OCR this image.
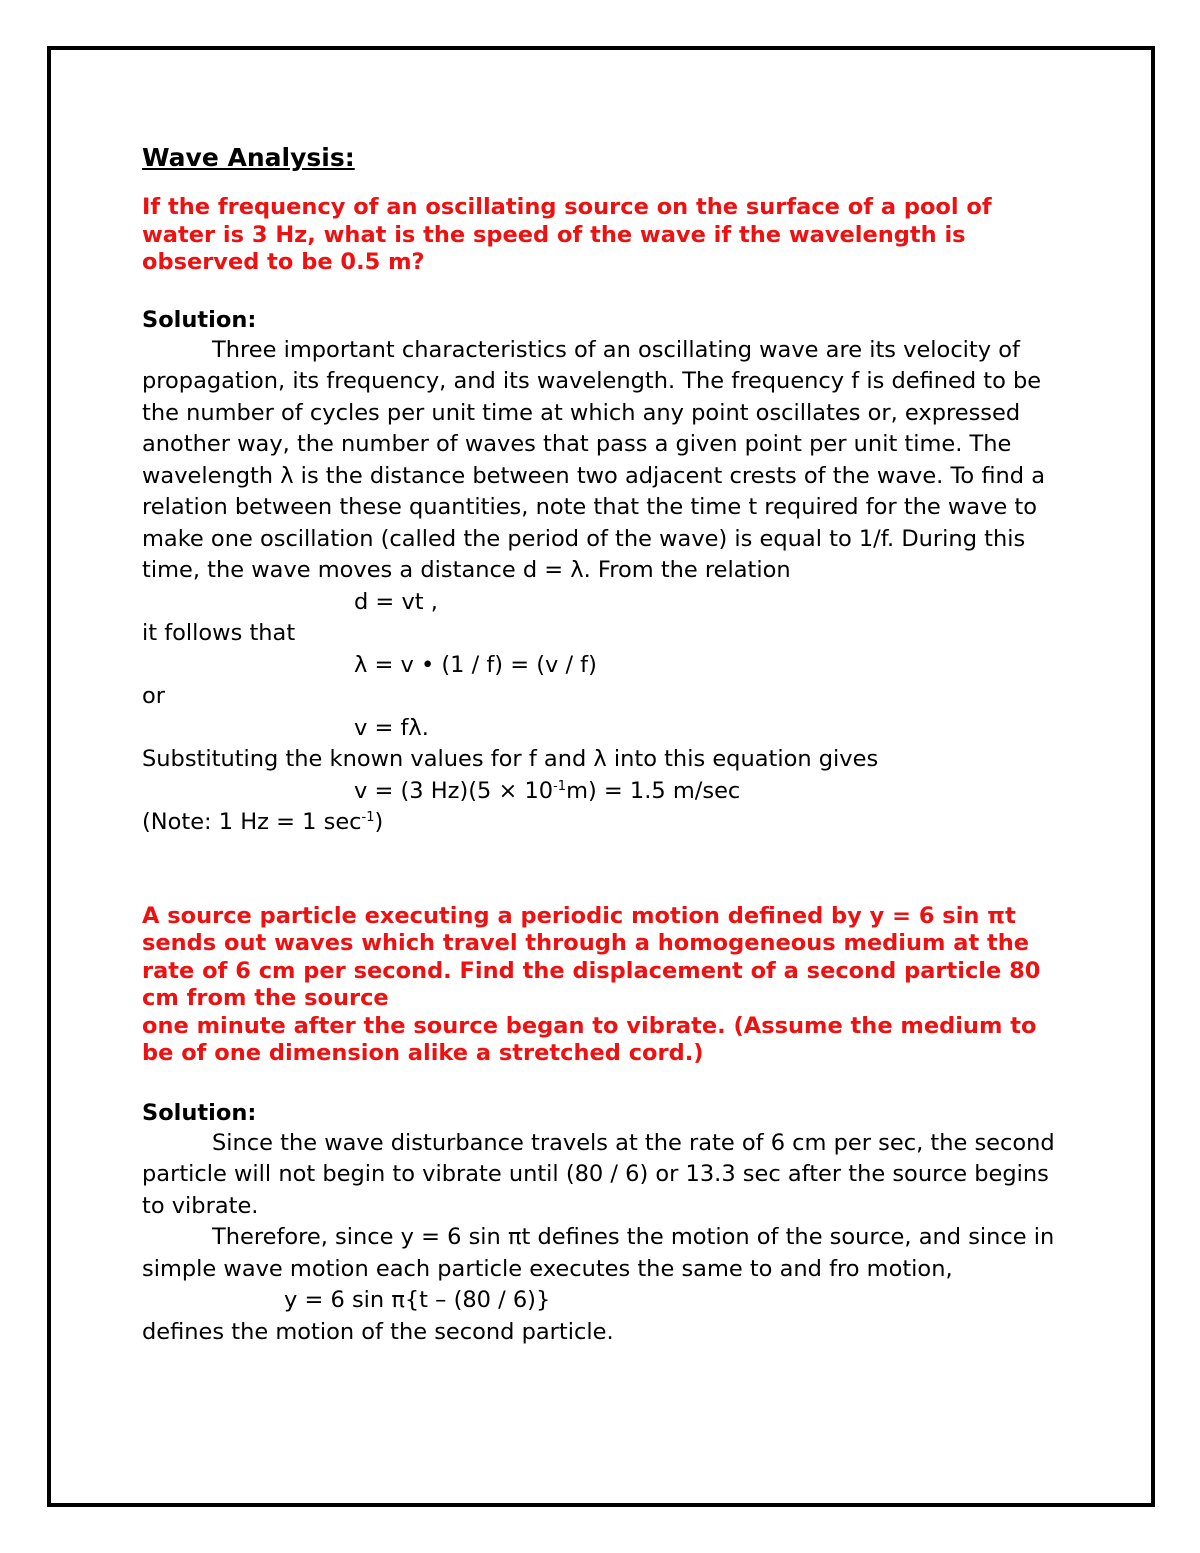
Wave Analysis:

If the frequency of an oscillating source on the surface of a pool of water is 3 Hz, what is the speed of the wave if the wavelength is observed to be 0.5 m?

Solution:

Three important characteristics of an oscillating wave are its velocity of propagation, its frequency, and its wavelength. The frequency f is defined to be the number of cycles per unit time at which any point oscillates or, expressed another way, the number of waves that pass a given point per unit time. The wavelength λ is the distance between two adjacent crests of the wave. To find a relation between these quantities, note that the time t required for the wave to make one oscillation (called the period of the wave) is equal to 1/f. During this time, the wave moves a distance d = λ. From the relation

d = vt ,

it follows that

λ = v • (1 / f) = (v / f)

or

v = fλ.

Substituting the known values for f and λ into this equation gives

v = (3 $Hz)(5 \times 10^{-1}m) = 1.5$ m/sec

(Note: 1 Hz = 1 $\sec^{-1}$)

A source particle executing a periodic motion defined by y = 6 sin πt sends out waves which travel through a homogeneous medium at the rate of 6 cm per second. Find the displacement of a second particle 80 cm from the source
one minute after the source began to vibrate. (Assume the medium to be of one dimension alike a stretched cord.)

Solution:

Since the wave disturbance travels at the rate of 6 cm per sec, the second particle will not begin to vibrate until (80 / 6) or 13.3 sec after the source begins to vibrate.

Therefore, since y = 6 sin πt defines the motion of the source, and since in simple wave motion each particle executes the same to and fro motion,

y = 6 sin π{t – (80 / 6)}

defines the motion of the second particle.
